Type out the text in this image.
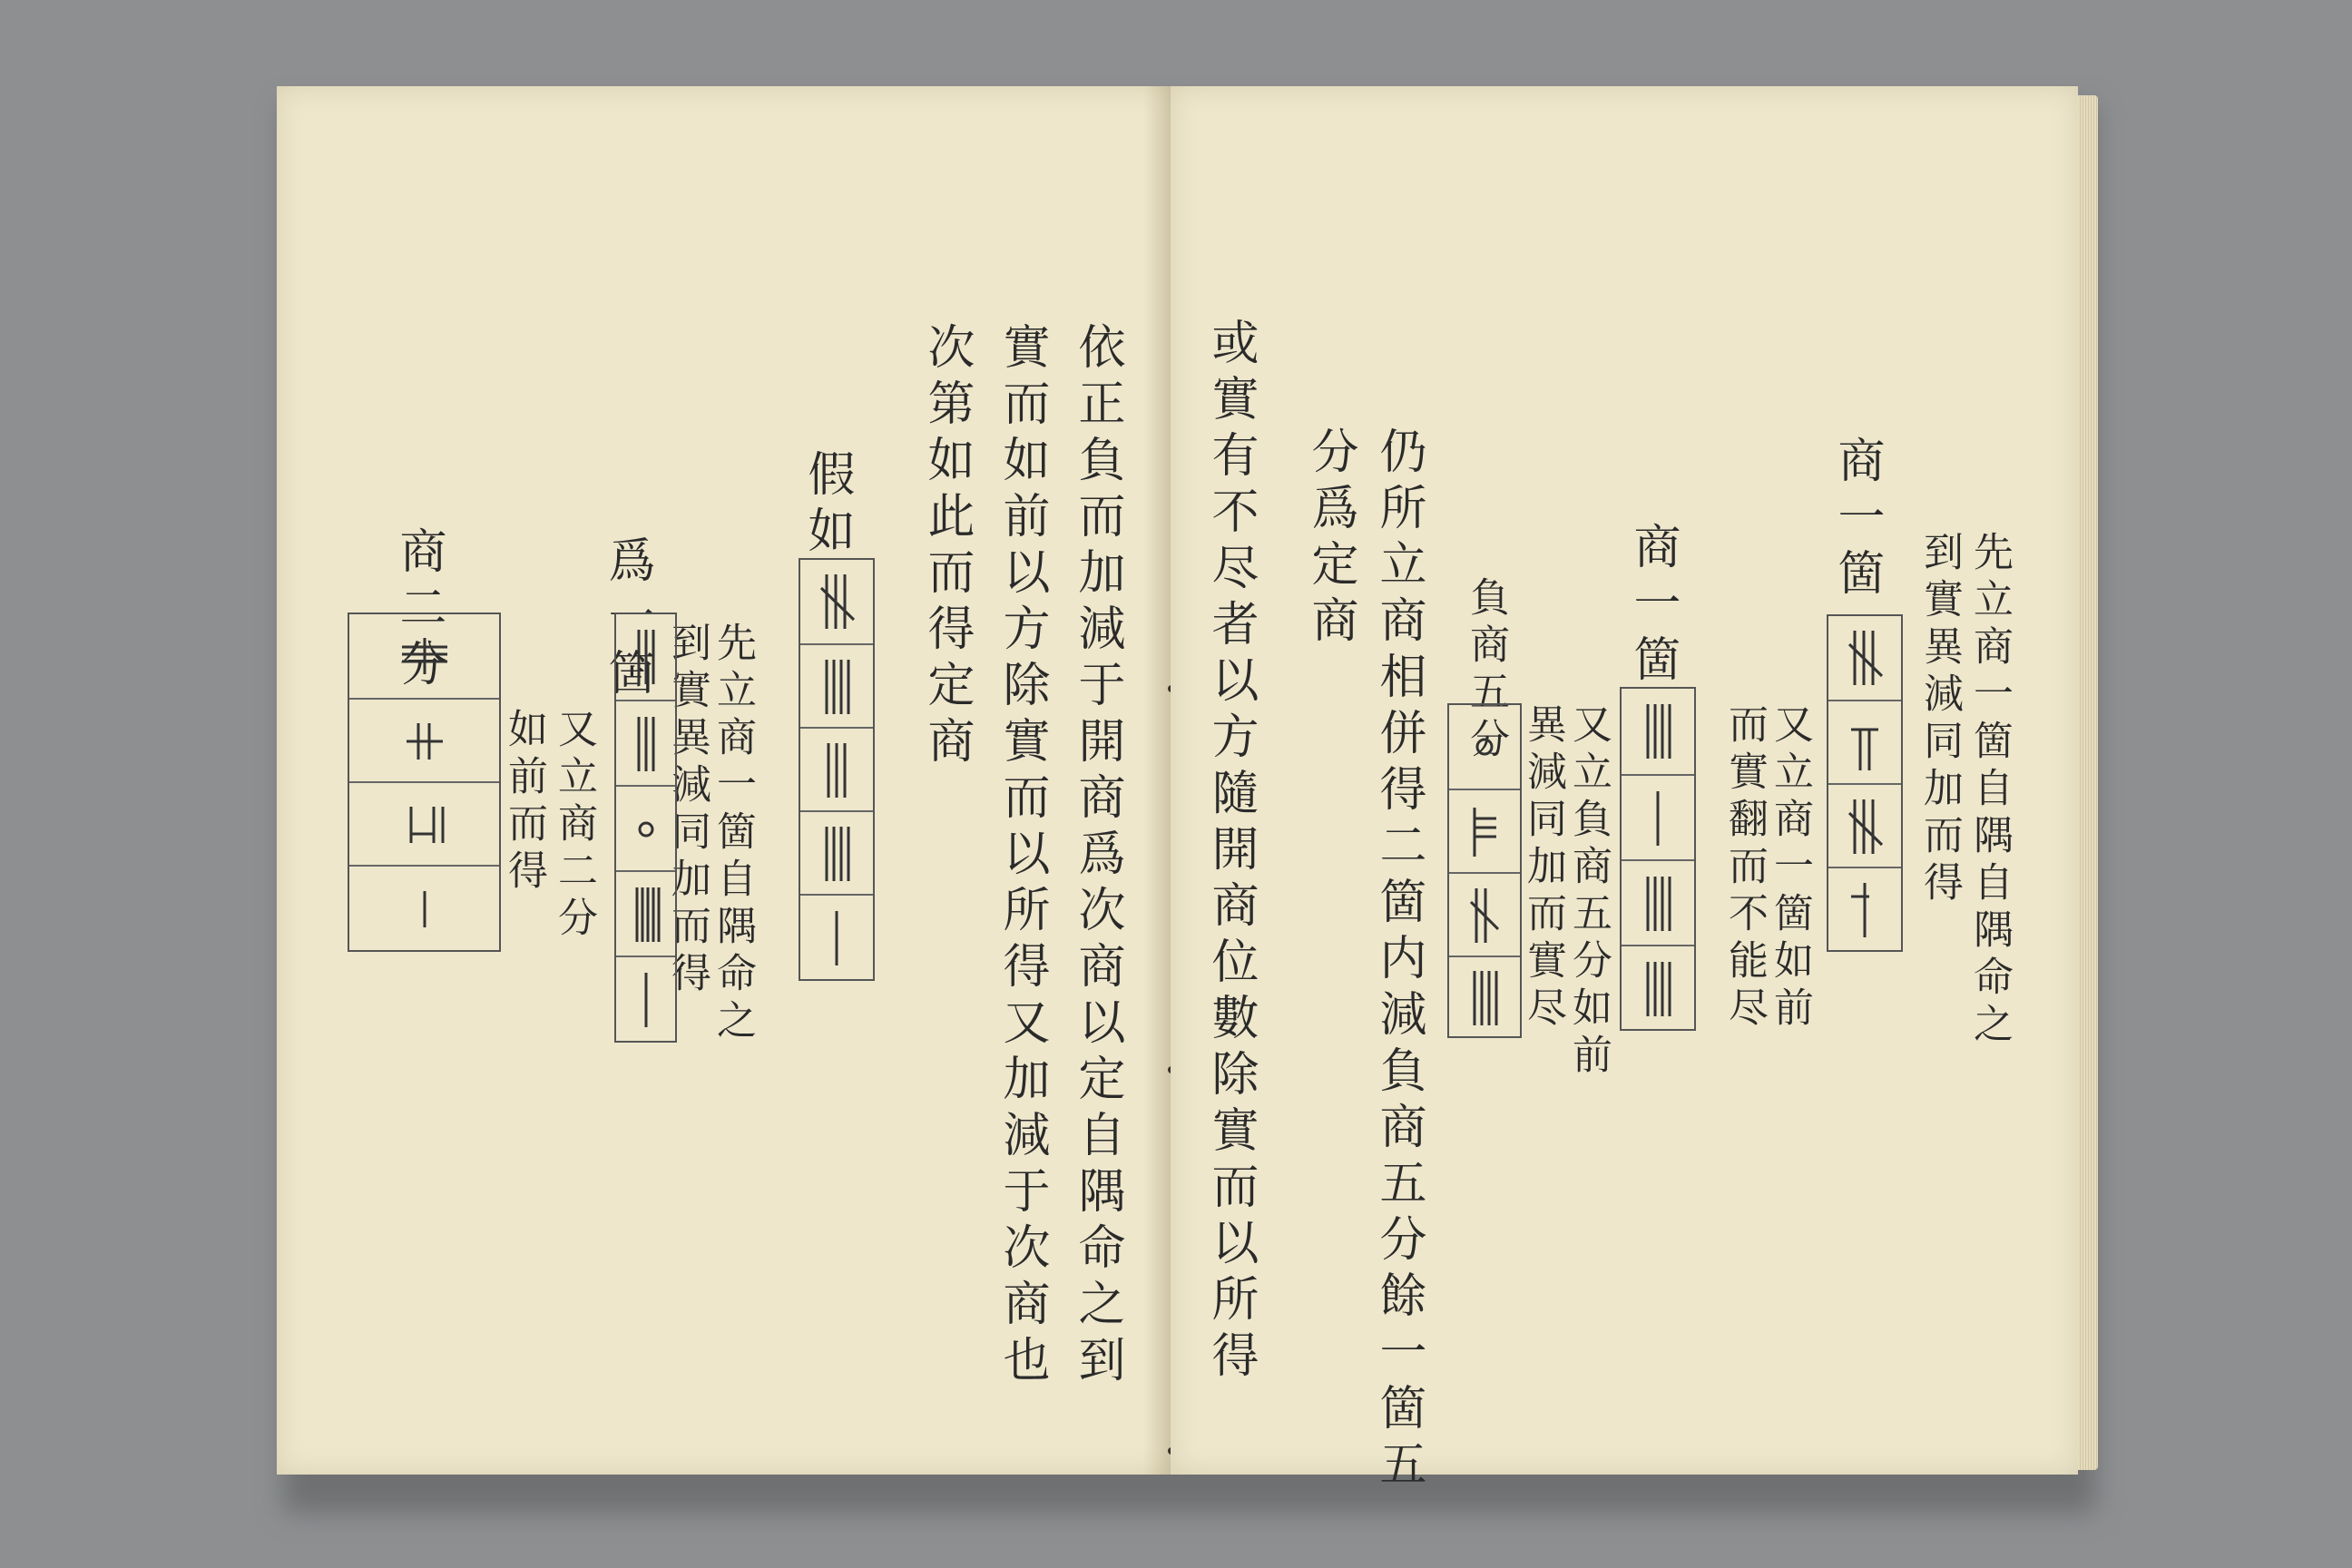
依正負而加減于開商爲次商以定自隅命之到
實而如前以方除實而以所得又加減于次商也
次第如此而得定商
假如
先立商一箇自隅命之
到實異減同加而得
爲一箇
又立商二分
如前而得
商二分	先立商一箇自隅自隅命之
到實異減同加而得
商一箇
又立商一箇如前
而實翻而不能尽
商一箇
又立負商五分如前
異減同加而實尽
負商五分
仍所立商相併得二箇内減負商五分餘一箇五
分爲定商
或實有不尽者以方隨開商位數除實而以所得
